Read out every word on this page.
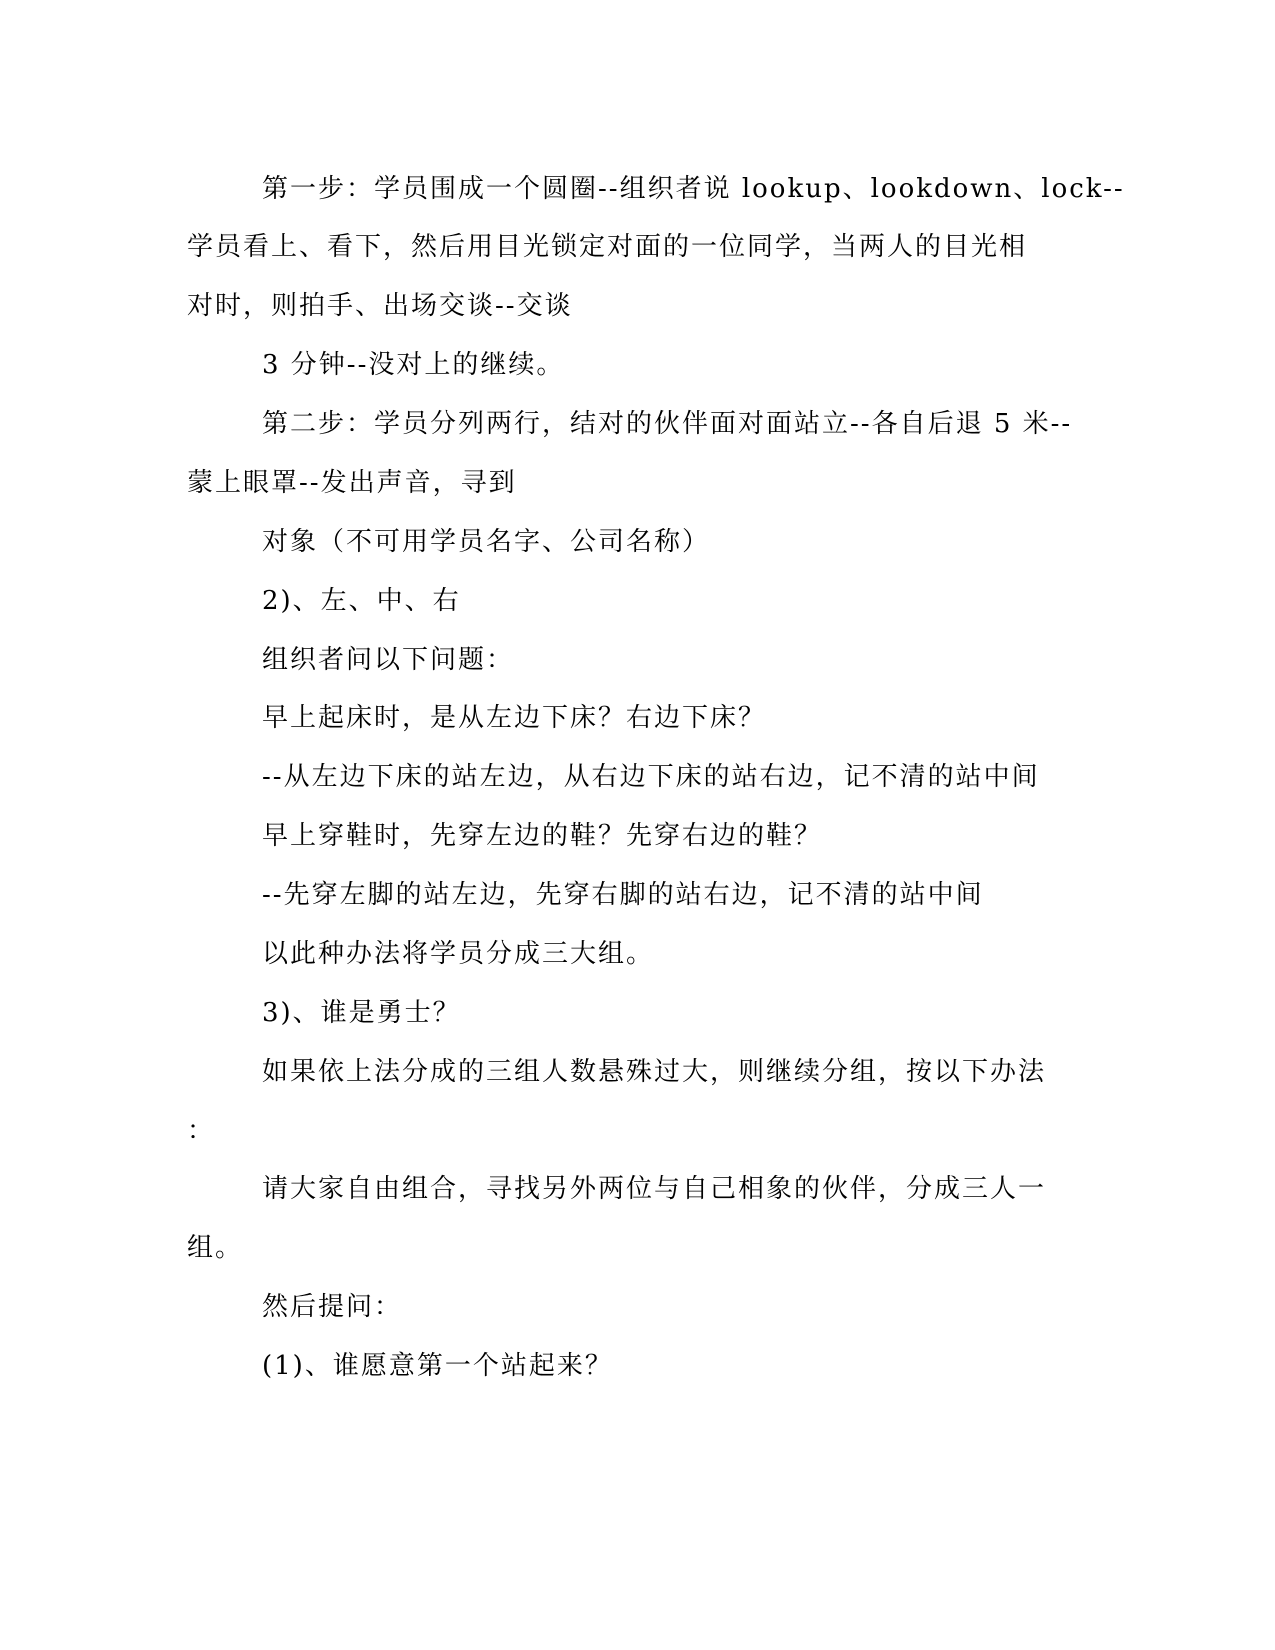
第一步：学员围成一个圆圈--组织者说 lookup、lookdown、lock--

学员看上、看下，然后用目光锁定对面的一位同学，当两人的目光相

对时，则拍手、出场交谈--交谈

3 分钟--没对上的继续。

第二步：学员分列两行，结对的伙伴面对面站立--各自后退 5 米--

蒙上眼罩--发出声音，寻到

对象（不可用学员名字、公司名称）

2)、左、中、右

组织者问以下问题：

早上起床时，是从左边下床？右边下床？

--从左边下床的站左边，从右边下床的站右边，记不清的站中间

早上穿鞋时，先穿左边的鞋？先穿右边的鞋？

--先穿左脚的站左边，先穿右脚的站右边，记不清的站中间

以此种办法将学员分成三大组。

3)、谁是勇士？

如果依上法分成的三组人数悬殊过大，则继续分组，按以下办法

：

请大家自由组合，寻找另外两位与自己相象的伙伴，分成三人一

组。

然后提问：

(1)、谁愿意第一个站起来？
